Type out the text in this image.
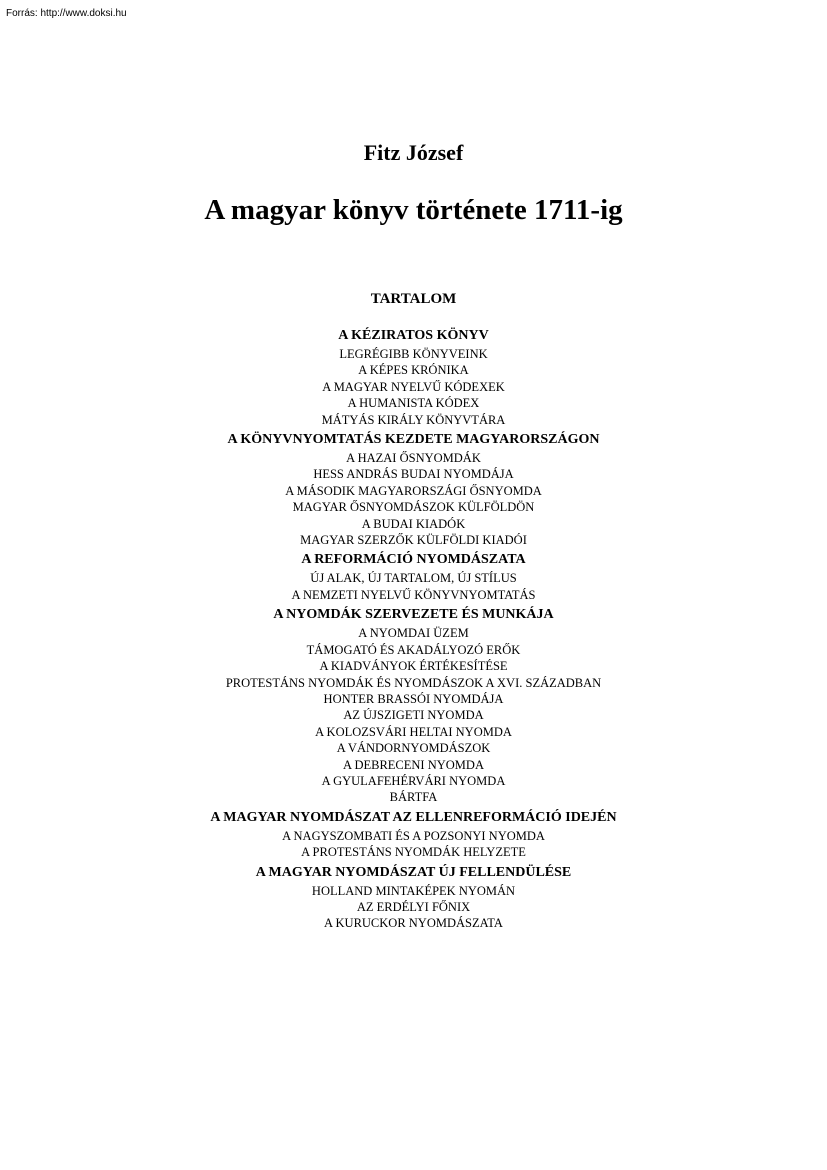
Forrás: http://www.doksi.hu
Fitz József
A magyar könyv története 1711-ig
TARTALOM
A KÉZIRATOS KÖNYV
LEGRÉGIBB KÖNYVEINK
A KÉPES KRÓNIKA
A MAGYAR NYELVŰ KÓDEXEK
A HUMANISTA KÓDEX
MÁTYÁS KIRÁLY KÖNYVTÁRA
A KÖNYVNYOMTATÁS KEZDETE MAGYARORSZÁGON
A HAZAI ŐSNYOMDÁK
HESS ANDRÁS BUDAI NYOMDÁJA
A MÁSODIK MAGYARORSZÁGI ŐSNYOMDA
MAGYAR ŐSNYOMDÁSZOK KÜLFÖLDÖN
A BUDAI KIADÓK
MAGYAR SZERZŐK KÜLFÖLDI KIADÓI
A REFORMÁCIÓ NYOMDÁSZATA
ÚJ ALAK, ÚJ TARTALOM, ÚJ STÍLUS
A NEMZETI NYELVŰ KÖNYVNYOMTATÁS
A NYOMDÁK SZERVEZETE ÉS MUNKÁJA
A NYOMDAI ÜZEM
TÁMOGATÓ ÉS AKADÁLYOZÓ ERŐK
A KIADVÁNYOK ÉRTÉKESÍTÉSE
PROTESTÁNS NYOMDÁK ÉS NYOMDÁSZOK A XVI. SZÁZADBAN
HONTER BRASSÓI NYOMDÁJA
AZ ÚJSZIGETI NYOMDA
A KOLOZSVÁRI HELTAI NYOMDA
A VÁNDORNYOMDÁSZOK
A DEBRECENI NYOMDA
A GYULAFEHÉRVÁRI NYOMDA
BÁRTFA
A MAGYAR NYOMDÁSZAT AZ ELLENREFORMÁCIÓ IDEJÉN
A NAGYSZOMBATI ÉS A POZSONYI NYOMDA
A PROTESTÁNS NYOMDÁK HELYZETE
A MAGYAR NYOMDÁSZAT ÚJ FELLENDÜLÉSE
HOLLAND MINTAKÉPEK NYOMÁN
AZ ERDÉLYI FŐNIX
A KURUCKOR NYOMDÁSZATA
